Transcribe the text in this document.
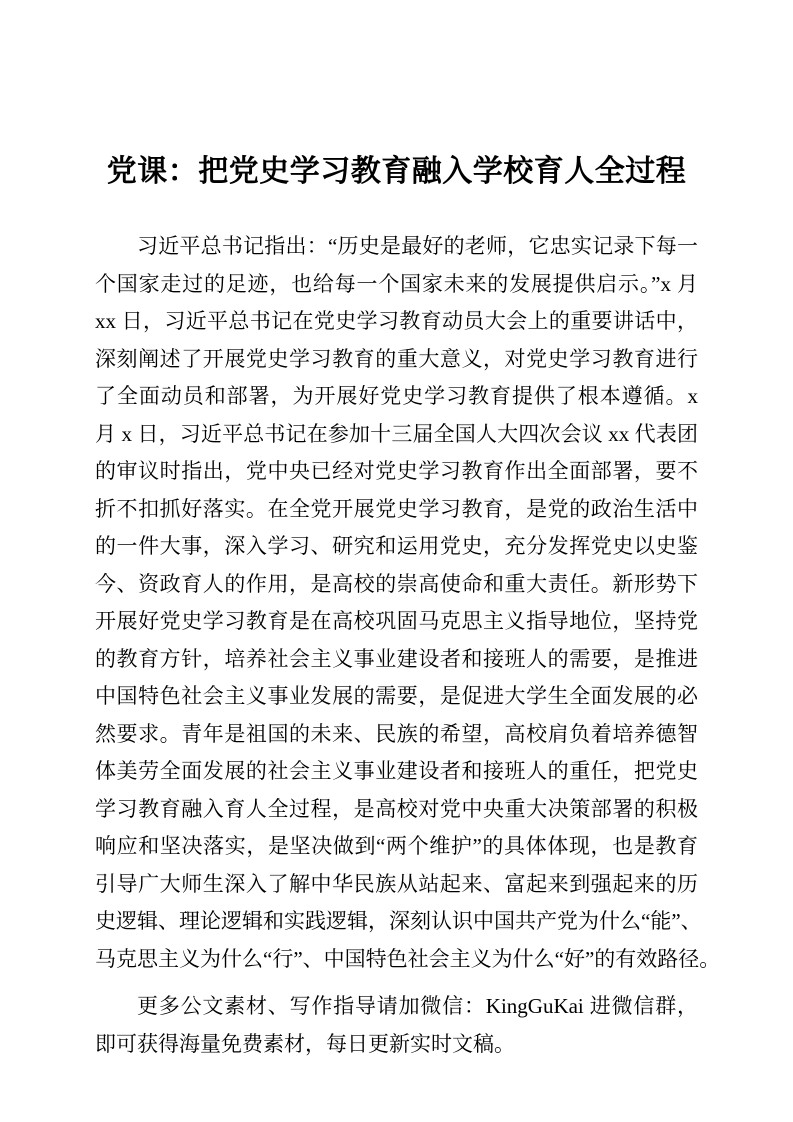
党课：把党史学习教育融入学校育人全过程
习近平总书记指出：“历史是最好的老师，它忠实记录下每一
个国家走过的足迹，也给每一个国家未来的发展提供启示。”x 月
xx 日，习近平总书记在党史学习教育动员大会上的重要讲话中，
深刻阐述了开展党史学习教育的重大意义，对党史学习教育进行
了全面动员和部署，为开展好党史学习教育提供了根本遵循。x
月 x 日，习近平总书记在参加十三届全国人大四次会议 xx 代表团
的审议时指出，党中央已经对党史学习教育作出全面部署，要不
折不扣抓好落实。在全党开展党史学习教育，是党的政治生活中
的一件大事，深入学习、研究和运用党史，充分发挥党史以史鉴
今、资政育人的作用，是高校的崇高使命和重大责任。新形势下
开展好党史学习教育是在高校巩固马克思主义指导地位，坚持党
的教育方针，培养社会主义事业建设者和接班人的需要，是推进
中国特色社会主义事业发展的需要，是促进大学生全面发展的必
然要求。青年是祖国的未来、民族的希望，高校肩负着培养德智
体美劳全面发展的社会主义事业建设者和接班人的重任，把党史
学习教育融入育人全过程，是高校对党中央重大决策部署的积极
响应和坚决落实，是坚决做到“两个维护”的具体体现，也是教育
引导广大师生深入了解中华民族从站起来、富起来到强起来的历
史逻辑、理论逻辑和实践逻辑，深刻认识中国共产党为什么“能”、
马克思主义为什么“行”、中国特色社会主义为什么“好”的有效路径。
更多公文素材、写作指导请加微信：KingGuKai 进微信群，
即可获得海量免费素材，每日更新实时文稿。
